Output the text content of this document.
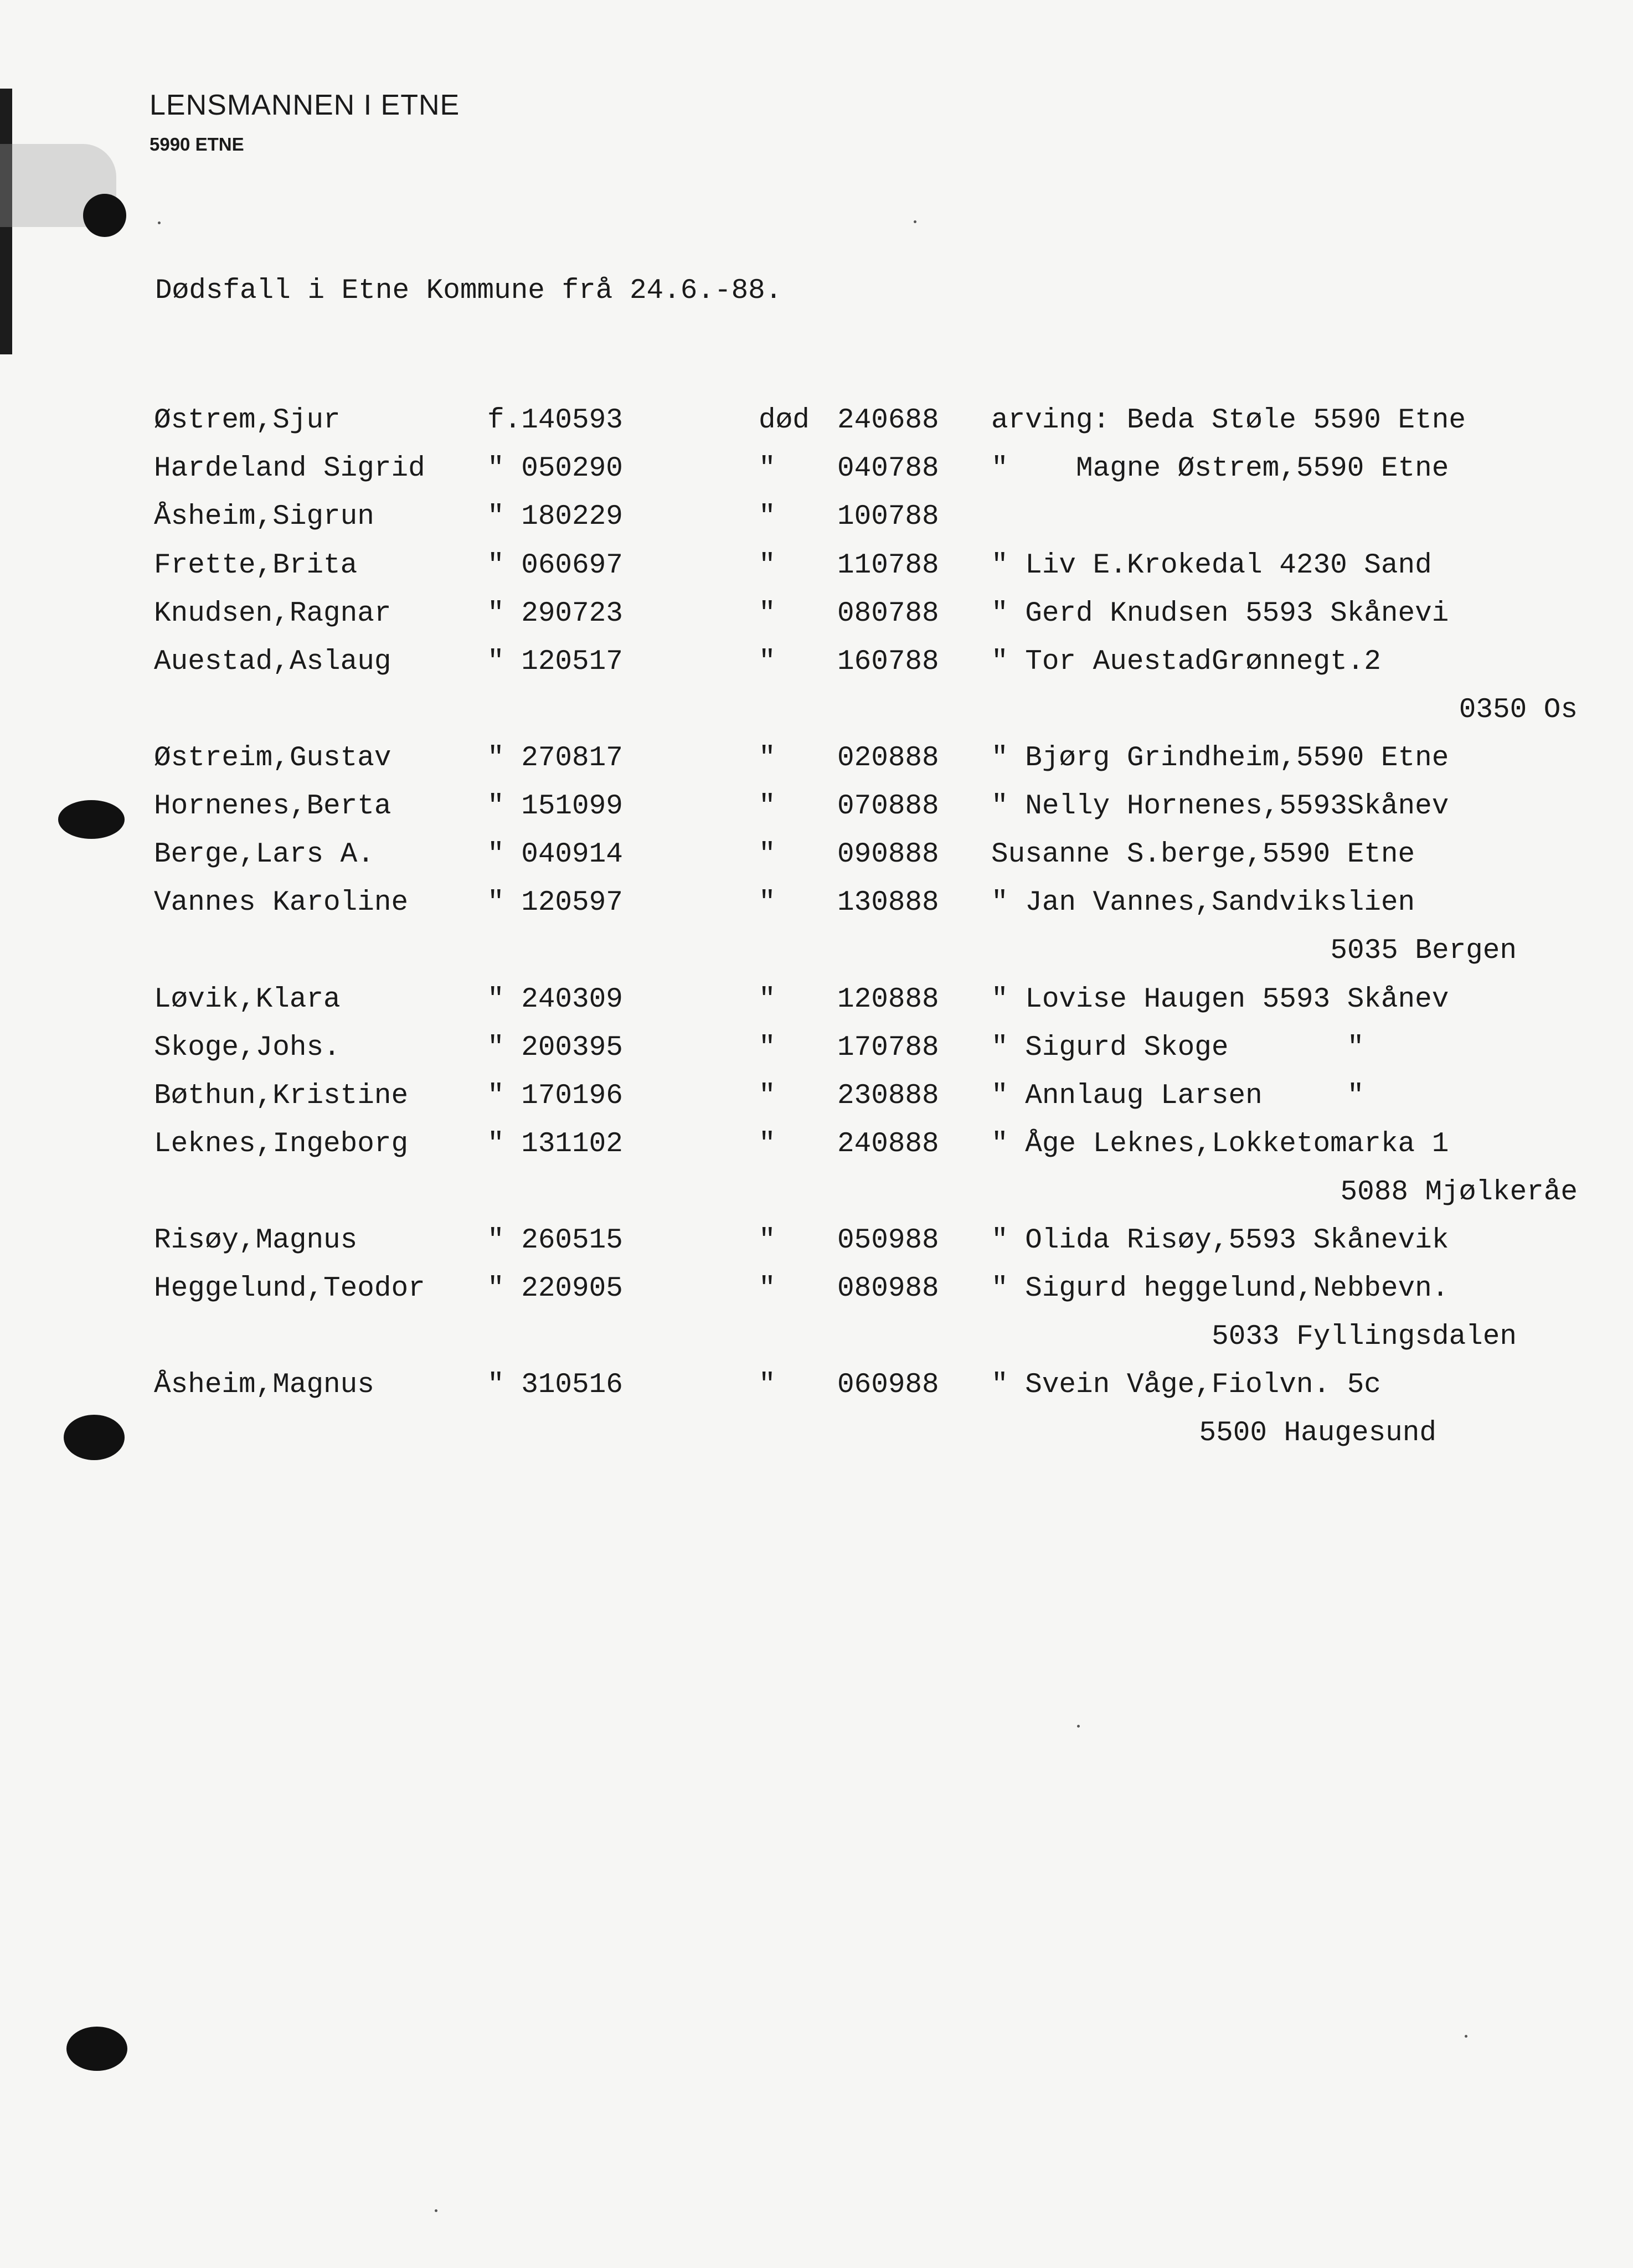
LENSMANNEN I ETNE
5990 ETNE
Dødsfall i Etne Kommune frå 24.6.-88.
Østrem,Sjur	f.140593	død 240688 arving: Beda Støle 5590 Etne
Hardeland Sigrid " 050290	" 040788 "    Magne Østrem,5590 Etne
Åsheim,Sigrun	" 180229	" 100788
Frette,Brita	" 060697	" 110788 " Liv E.Krokedal 4230 Sand
Knudsen,Ragnar	" 290723	" 080788 " Gerd Knudsen 5593 Skånevi
Auestad,Aslaug	" 120517	" 160788 " Tor AuestadGrønnegt.2
0350 Os
Østreim,Gustav	" 270817	" 020888 " Bjørg Grindheim,5590 Etne
Hornenes,Berta	" 151099	" 070888 " Nelly Hornenes,5593Skånev
Berge,Lars A.	" 040914	" 090888 Susanne S.berge,5590 Etne
Vannes Karoline	" 120597	" 130888 " Jan Vannes,Sandvikslien
5035 Bergen
Løvik,Klara	" 240309	" 120888 " Lovise Haugen 5593 Skånev
Skoge,Johs.	" 200395	" 170788 " Sigurd Skoge       "
Bøthun,Kristine	" 170196	" 230888 " Annlaug Larsen     "
Leknes,Ingeborg	" 131102	" 240888 " Åge Leknes,Lokketomarka 1
5088 Mjølkeråe
Risøy,Magnus	" 260515	" 050988 " Olida Risøy,5593 Skånevik
Heggelund,Teodor " 220905	" 080988 " Sigurd heggelund,Nebbevn.
5033 Fyllingsdalen
Åsheim,Magnus	" 310516	" 060988 " Svein Våge,Fiolvn. 5c
5500 Haugesund
